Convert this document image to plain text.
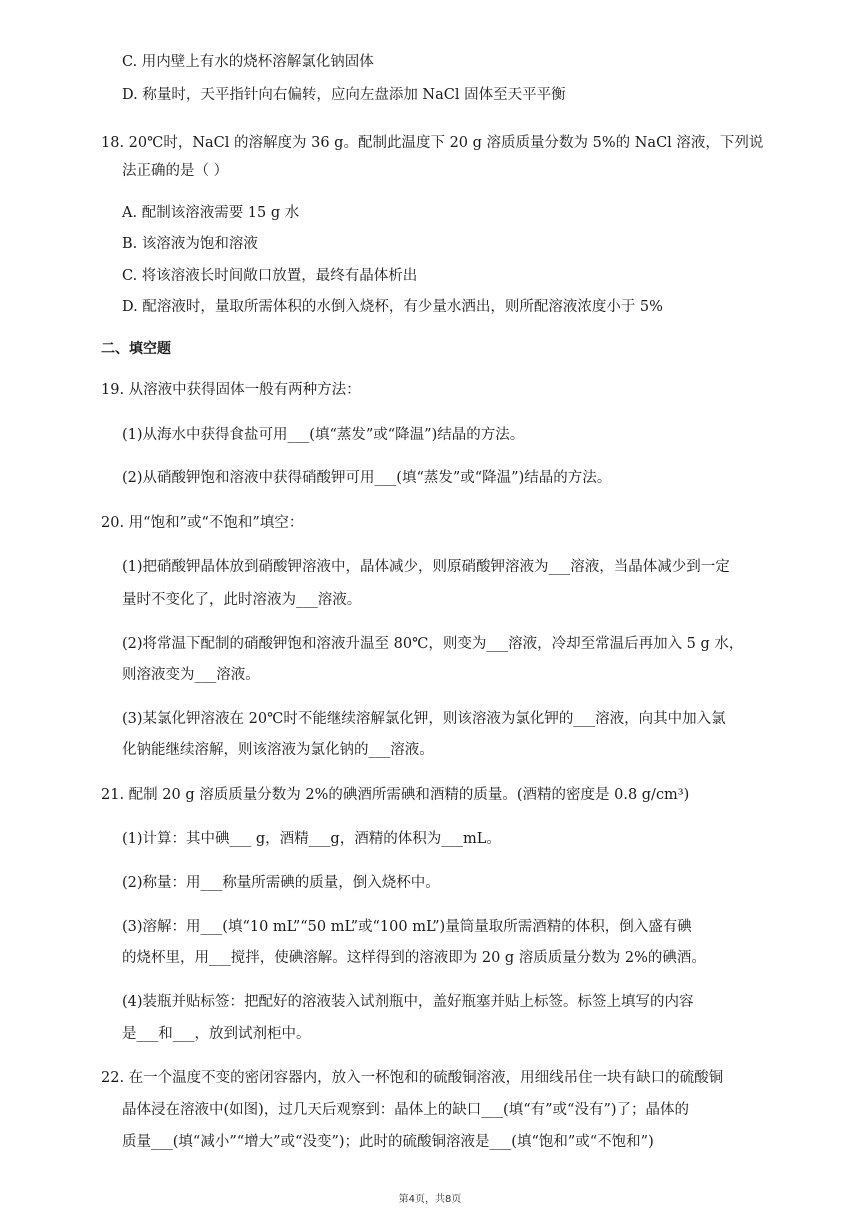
C. 用内壁上有水的烧杯溶解氯化钠固体
D. 称量时，天平指针向右偏转，应向左盘添加 NaCl 固体至天平平衡
18. 20℃时，NaCl 的溶解度为 36 g。配制此温度下 20 g 溶质质量分数为 5%的 NaCl 溶液，下列说
法正确的是（ ）
A. 配制该溶液需要 15 g 水
B. 该溶液为饱和溶液
C. 将该溶液长时间敞口放置，最终有晶体析出
D. 配溶液时，量取所需体积的水倒入烧杯，有少量水洒出，则所配溶液浓度小于 5%
二、填空题
19. 从溶液中获得固体一般有两种方法：
(1)从海水中获得食盐可用___(填“蒸发”或“降温”)结晶的方法。
(2)从硝酸钾饱和溶液中获得硝酸钾可用___(填“蒸发”或“降温”)结晶的方法。
20. 用“饱和”或“不饱和”填空：
(1)把硝酸钾晶体放到硝酸钾溶液中，晶体减少，则原硝酸钾溶液为___溶液，当晶体减少到一定
量时不变化了，此时溶液为___溶液。
(2)将常温下配制的硝酸钾饱和溶液升温至 80℃，则变为___溶液，冷却至常温后再加入 5 g 水，
则溶液变为___溶液。
(3)某氯化钾溶液在 20℃时不能继续溶解氯化钾，则该溶液为氯化钾的___溶液，向其中加入氯
化钠能继续溶解，则该溶液为氯化钠的___溶液。
21. 配制 20 g 溶质质量分数为 2%的碘酒所需碘和酒精的质量。(酒精的密度是 0.8 g/cm³)
(1)计算：其中碘___ g，酒精___g，酒精的体积为___mL。
(2)称量：用___称量所需碘的质量，倒入烧杯中。
(3)溶解：用___(填“10 mL”“50 mL”或“100 mL”)量筒量取所需酒精的体积，倒入盛有碘
的烧杯里，用___搅拌，使碘溶解。这样得到的溶液即为 20 g 溶质质量分数为 2%的碘酒。
(4)装瓶并贴标签：把配好的溶液装入试剂瓶中，盖好瓶塞并贴上标签。标签上填写的内容
是___和___，放到试剂柜中。
22. 在一个温度不变的密闭容器内，放入一杯饱和的硫酸铜溶液，用细线吊住一块有缺口的硫酸铜
晶体浸在溶液中(如图)，过几天后观察到：晶体上的缺口___(填“有”或“没有”)了；晶体的
质量___(填“减小”“增大”或“没变”)；此时的硫酸铜溶液是___(填“饱和”或“不饱和”)
第4页，共8页
